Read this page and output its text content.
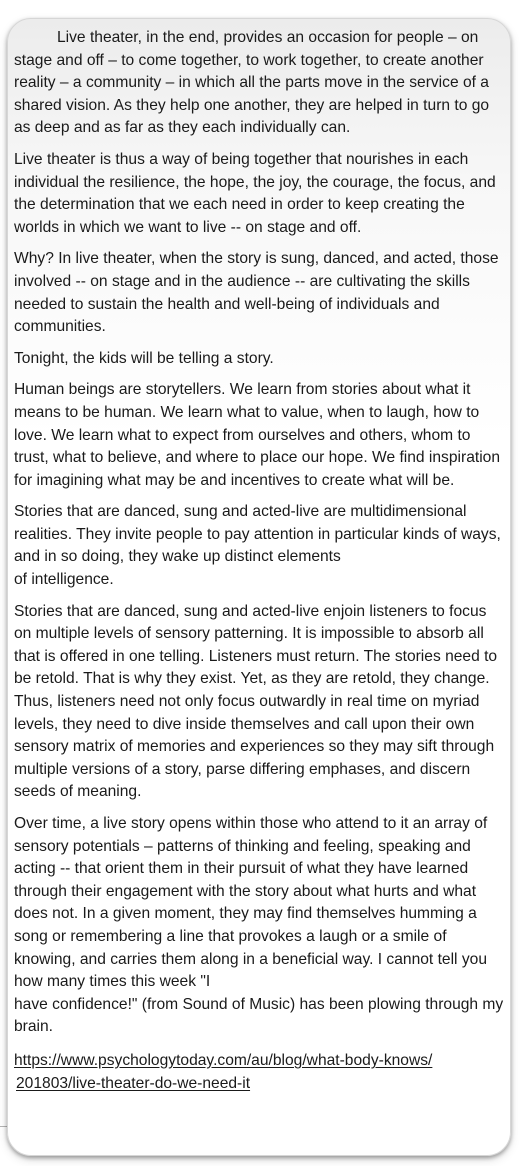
Live theater, in the end, provides an occasion for people – on stage and off – to come together, to work together, to create another reality – a community – in which all the parts move in the service of a shared vision. As they help one another, they are helped in turn to go as deep and as far as they each individually can.

Live theater is thus a way of being together that nourishes in each individual the resilience, the hope, the joy, the courage, the focus, and the determination that we each need in order to keep creating the worlds in which we want to live -- on stage and off.

Why? In live theater, when the story is sung, danced, and acted, those involved -- on stage and in the audience -- are cultivating the skills needed to sustain the health and well-being of individuals and communities.

Tonight, the kids will be telling a story.

Human beings are storytellers. We learn from stories about what it means to be human. We learn what to value, when to laugh, how to love. We learn what to expect from ourselves and others, whom to trust, what to believe, and where to place our hope. We find inspiration for imagining what may be and incentives to create what will be.

Stories that are danced, sung and acted-live are multidimensional realities. They invite people to pay attention in particular kinds of ways, and in so doing, they wake up distinct elements
of intelligence.

Stories that are danced, sung and acted-live enjoin listeners to focus on multiple levels of sensory patterning. It is impossible to absorb all that is offered in one telling. Listeners must return. The stories need to be retold. That is why they exist. Yet, as they are retold, they change. Thus, listeners need not only focus outwardly in real time on myriad levels, they need to dive inside themselves and call upon their own sensory matrix of memories and experiences so they may sift through multiple versions of a story, parse differing emphases, and discern seeds of meaning.

Over time, a live story opens within those who attend to it an array of sensory potentials – patterns of thinking and feeling, speaking and acting -- that orient them in their pursuit of what they have learned through their engagement with the story about what hurts and what does not. In a given moment, they may find themselves humming a song or remembering a line that provokes a laugh or a smile of knowing, and carries them along in a beneficial way. I cannot tell you how many times this week "I
have confidence!" (from Sound of Music) has been plowing through my brain.

https://www.psychologytoday.com/au/blog/what-body-knows/
201803/live-theater-do-we-need-it
